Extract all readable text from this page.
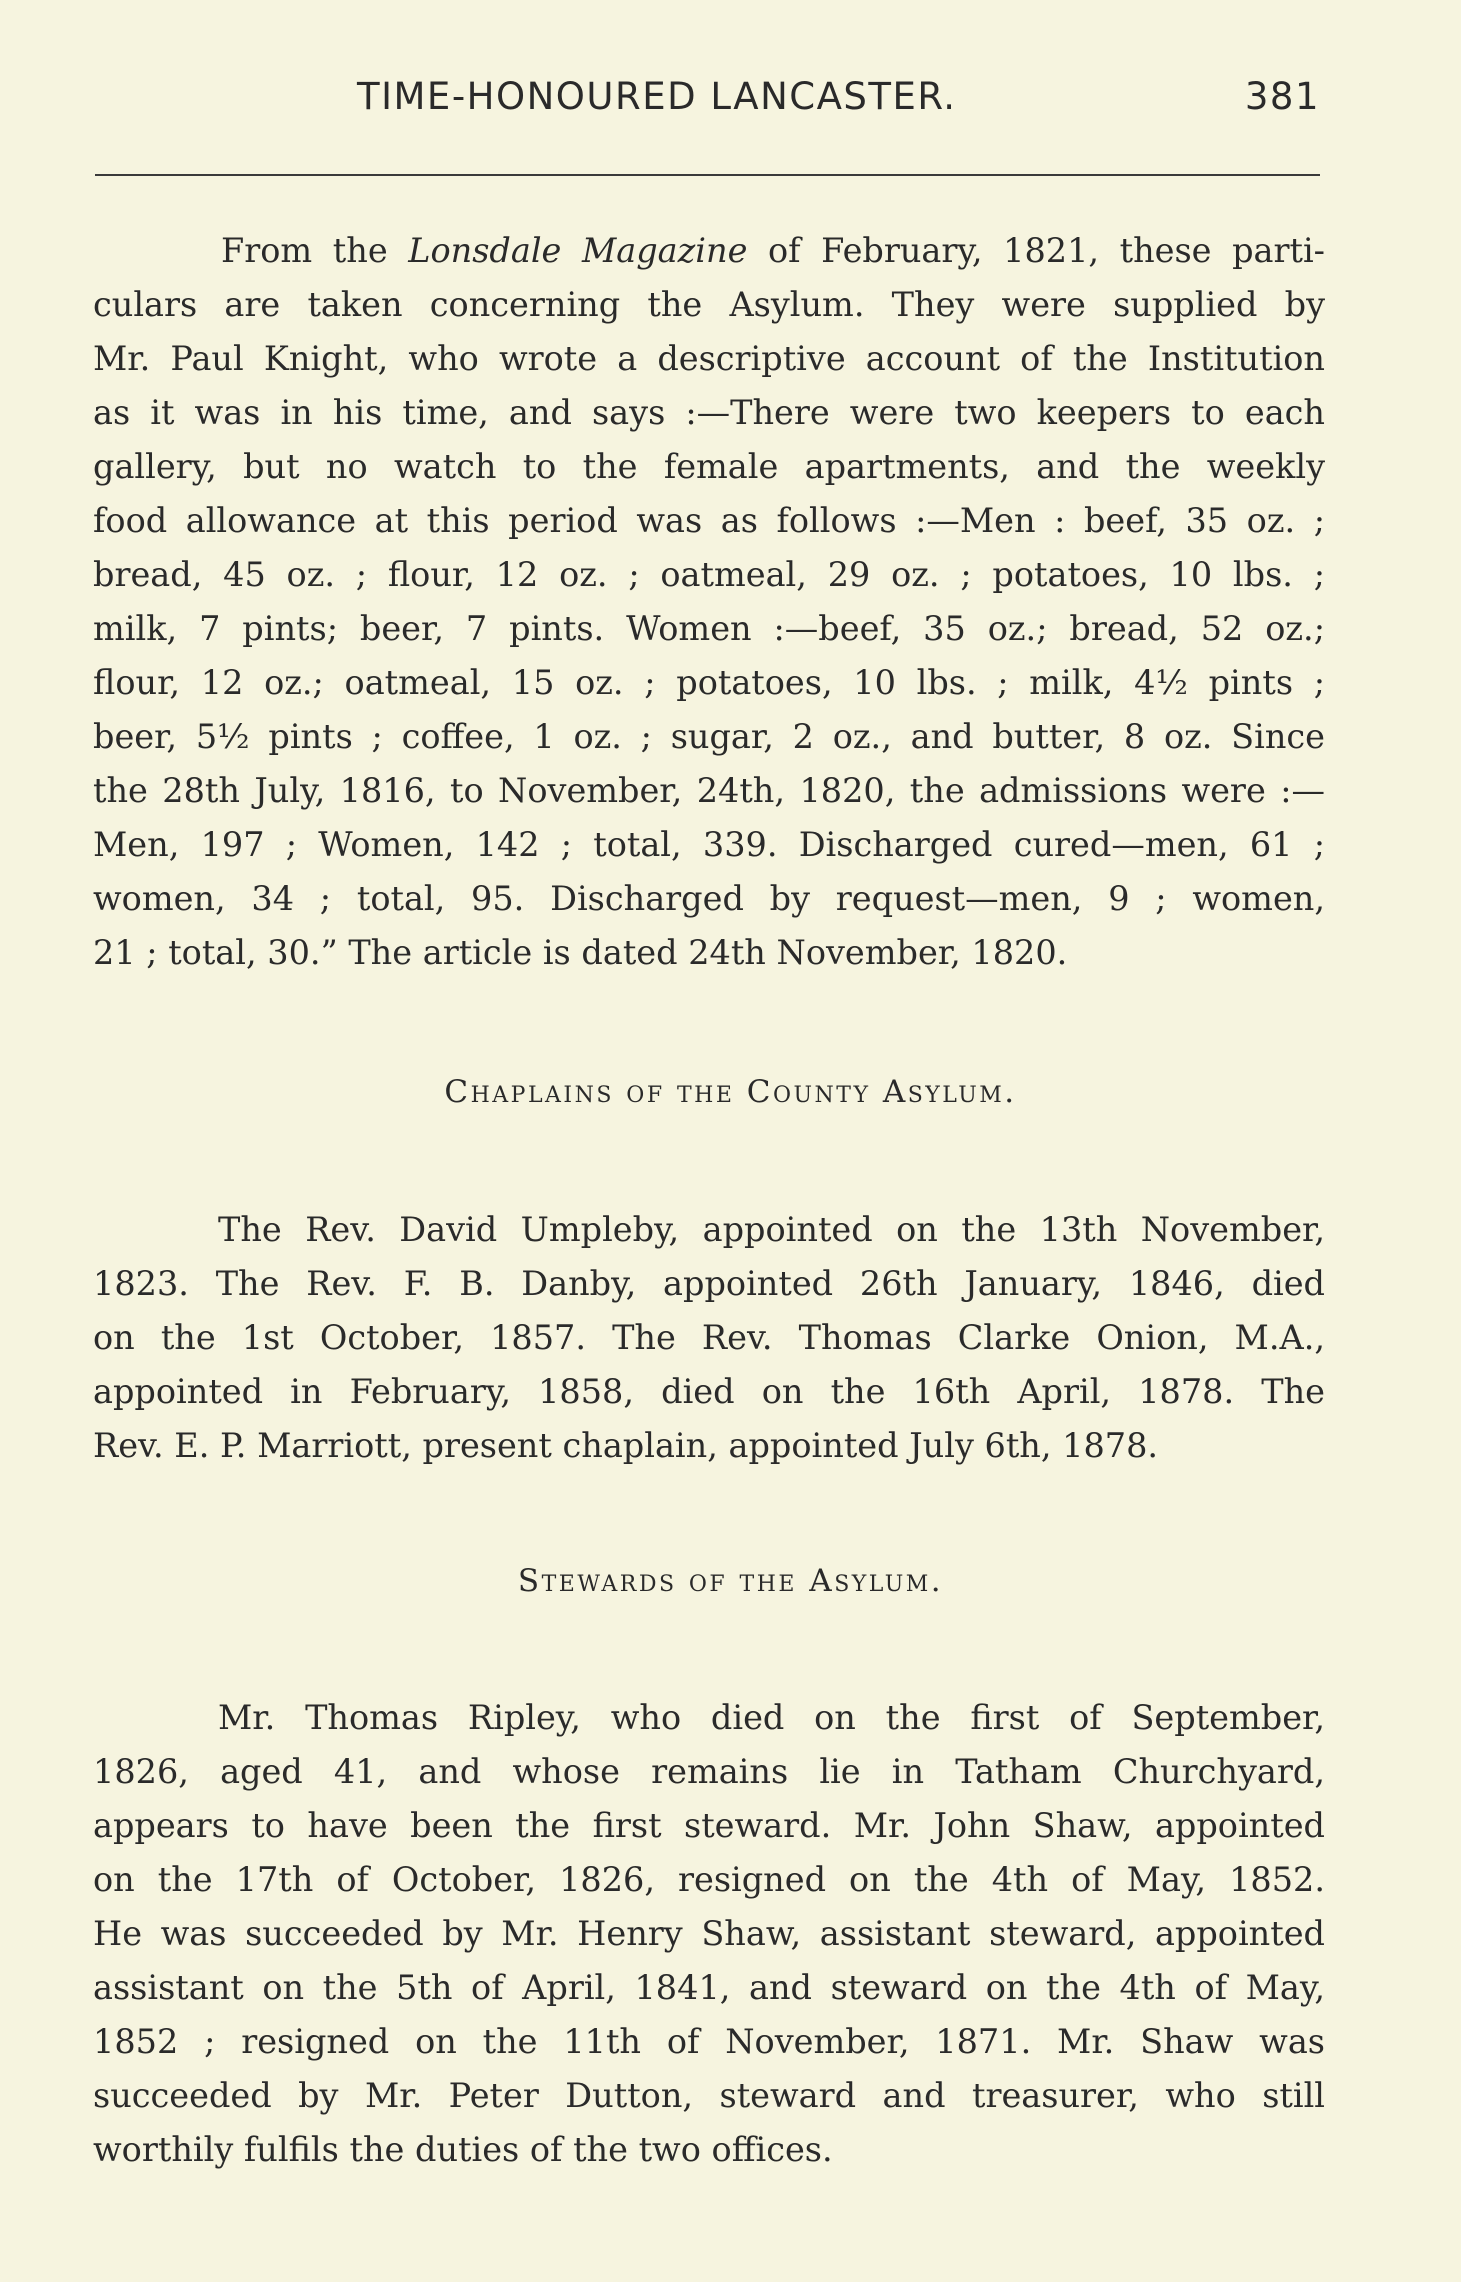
TIME-HONOURED LANCASTER.	381
From the Lonsdale Magazine of February, 1821, these parti-
culars are taken concerning the Asylum. They were supplied by
Mr. Paul Knight, who wrote a descriptive account of the Institution
as it was in his time, and says :—There were two keepers to each
gallery, but no watch to the female apartments, and the weekly
food allowance at this period was as follows :—Men : beef, 35 oz. ;
bread, 45 oz. ; flour, 12 oz. ; oatmeal, 29 oz. ; potatoes, 10 lbs. ;
milk, 7 pints; beer, 7 pints. Women :—beef, 35 oz.; bread, 52 oz.;
flour, 12 oz.; oatmeal, 15 oz. ; potatoes, 10 lbs. ; milk, 4½ pints ;
beer, 5½ pints ; coffee, 1 oz. ; sugar, 2 oz., and butter, 8 oz. Since
the 28th July, 1816, to November, 24th, 1820, the admissions were :—
Men, 197 ; Women, 142 ; total, 339. Discharged cured—men, 61 ;
women, 34 ; total, 95. Discharged by request—men, 9 ; women,
21 ; total, 30.” The article is dated 24th November, 1820.
Chaplains of the County Asylum.
The Rev. David Umpleby, appointed on the 13th November,
1823. The Rev. F. B. Danby, appointed 26th January, 1846, died
on the 1st October, 1857. The Rev. Thomas Clarke Onion, M.A.,
appointed in February, 1858, died on the 16th April, 1878. The
Rev. E. P. Marriott, present chaplain, appointed July 6th, 1878.
Stewards of the Asylum.
Mr. Thomas Ripley, who died on the first of September,
1826, aged 41, and whose remains lie in Tatham Churchyard,
appears to have been the first steward. Mr. John Shaw, appointed
on the 17th of October, 1826, resigned on the 4th of May, 1852.
He was succeeded by Mr. Henry Shaw, assistant steward, appointed
assistant on the 5th of April, 1841, and steward on the 4th of May,
1852 ; resigned on the 11th of November, 1871. Mr. Shaw was
succeeded by Mr. Peter Dutton, steward and treasurer, who still
worthily fulfils the duties of the two offices.
